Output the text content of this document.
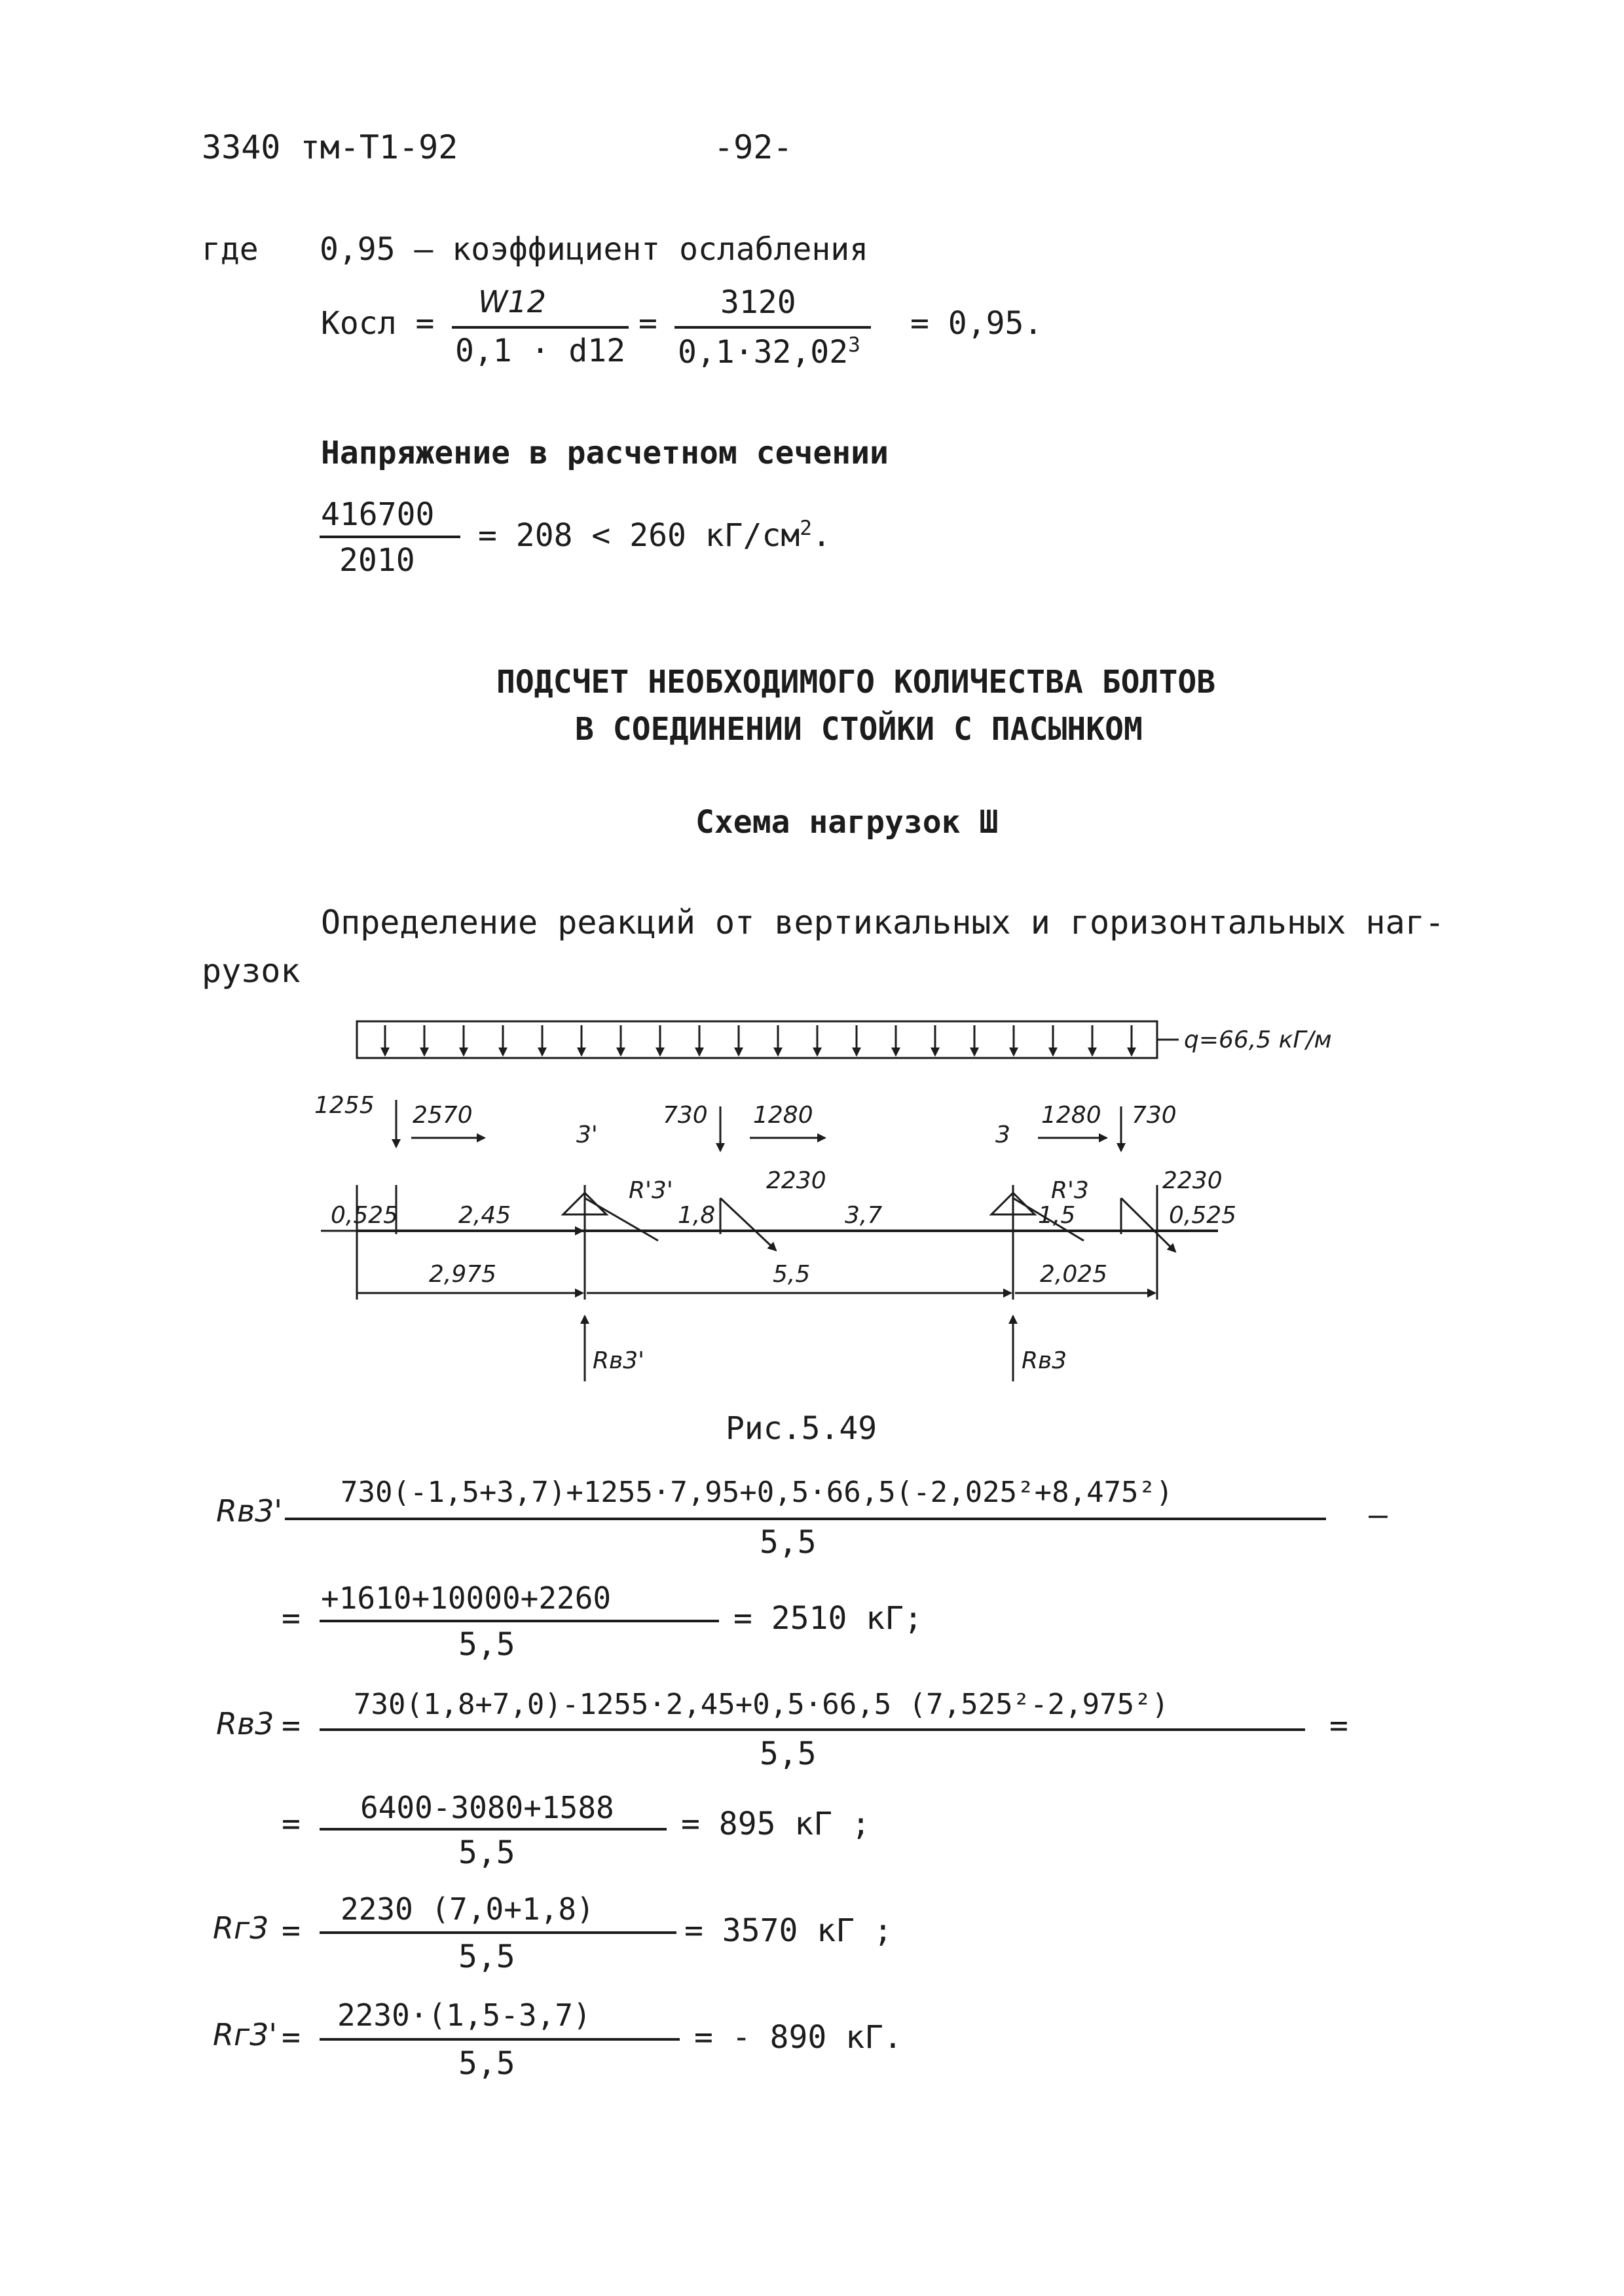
3340 тм-Т1-92	-92-
где 0,95 – коэффициент ослабления
Косл =
W12
0,1 · d12
=
3120
$0,1\cdot 32,02^3$
= 0,95.
Напряжение в расчетном сечении
416700
2010
= 208 < 260 $кГ/см^2$.
ПОДСЧЕТ НЕОБХОДИМОГО КОЛИЧЕСТВА БОЛТОВ
В СОЕДИНЕНИИ СТОЙКИ С ПАСЫНКОМ
Схема нагрузок Ш
Определение реакций от вертикальных и горизонтальных наг-
рузок
q=66,5 кГ/м
1255 2570
3'
730 1280
3
1280 730
R'3'	2230	R'3	2230
0,525	2,45	1,8	3,7	1,5	0,525
2,975	5,5	2,025
Rв3'	Rв3
Рис.5.49
Rв3'
730(-1,5+3,7)+1255·7,95+0,5·66,5(-2,025²+8,475²)
5,5
–
=
+1610+10000+2260
5,5
= 2510 кГ;
Rв3 =
730(1,8+7,0)-1255·2,45+0,5·66,5 (7,525²-2,975²)
5,5
=
= 6400-3080+1588
5,5
= 895 кГ ;
Rг3 =
2230 (7,0+1,8)
5,5
= 3570 кГ ;
Rг3' =
2230·(1,5-3,7)
5,5
= - 890 кГ.
